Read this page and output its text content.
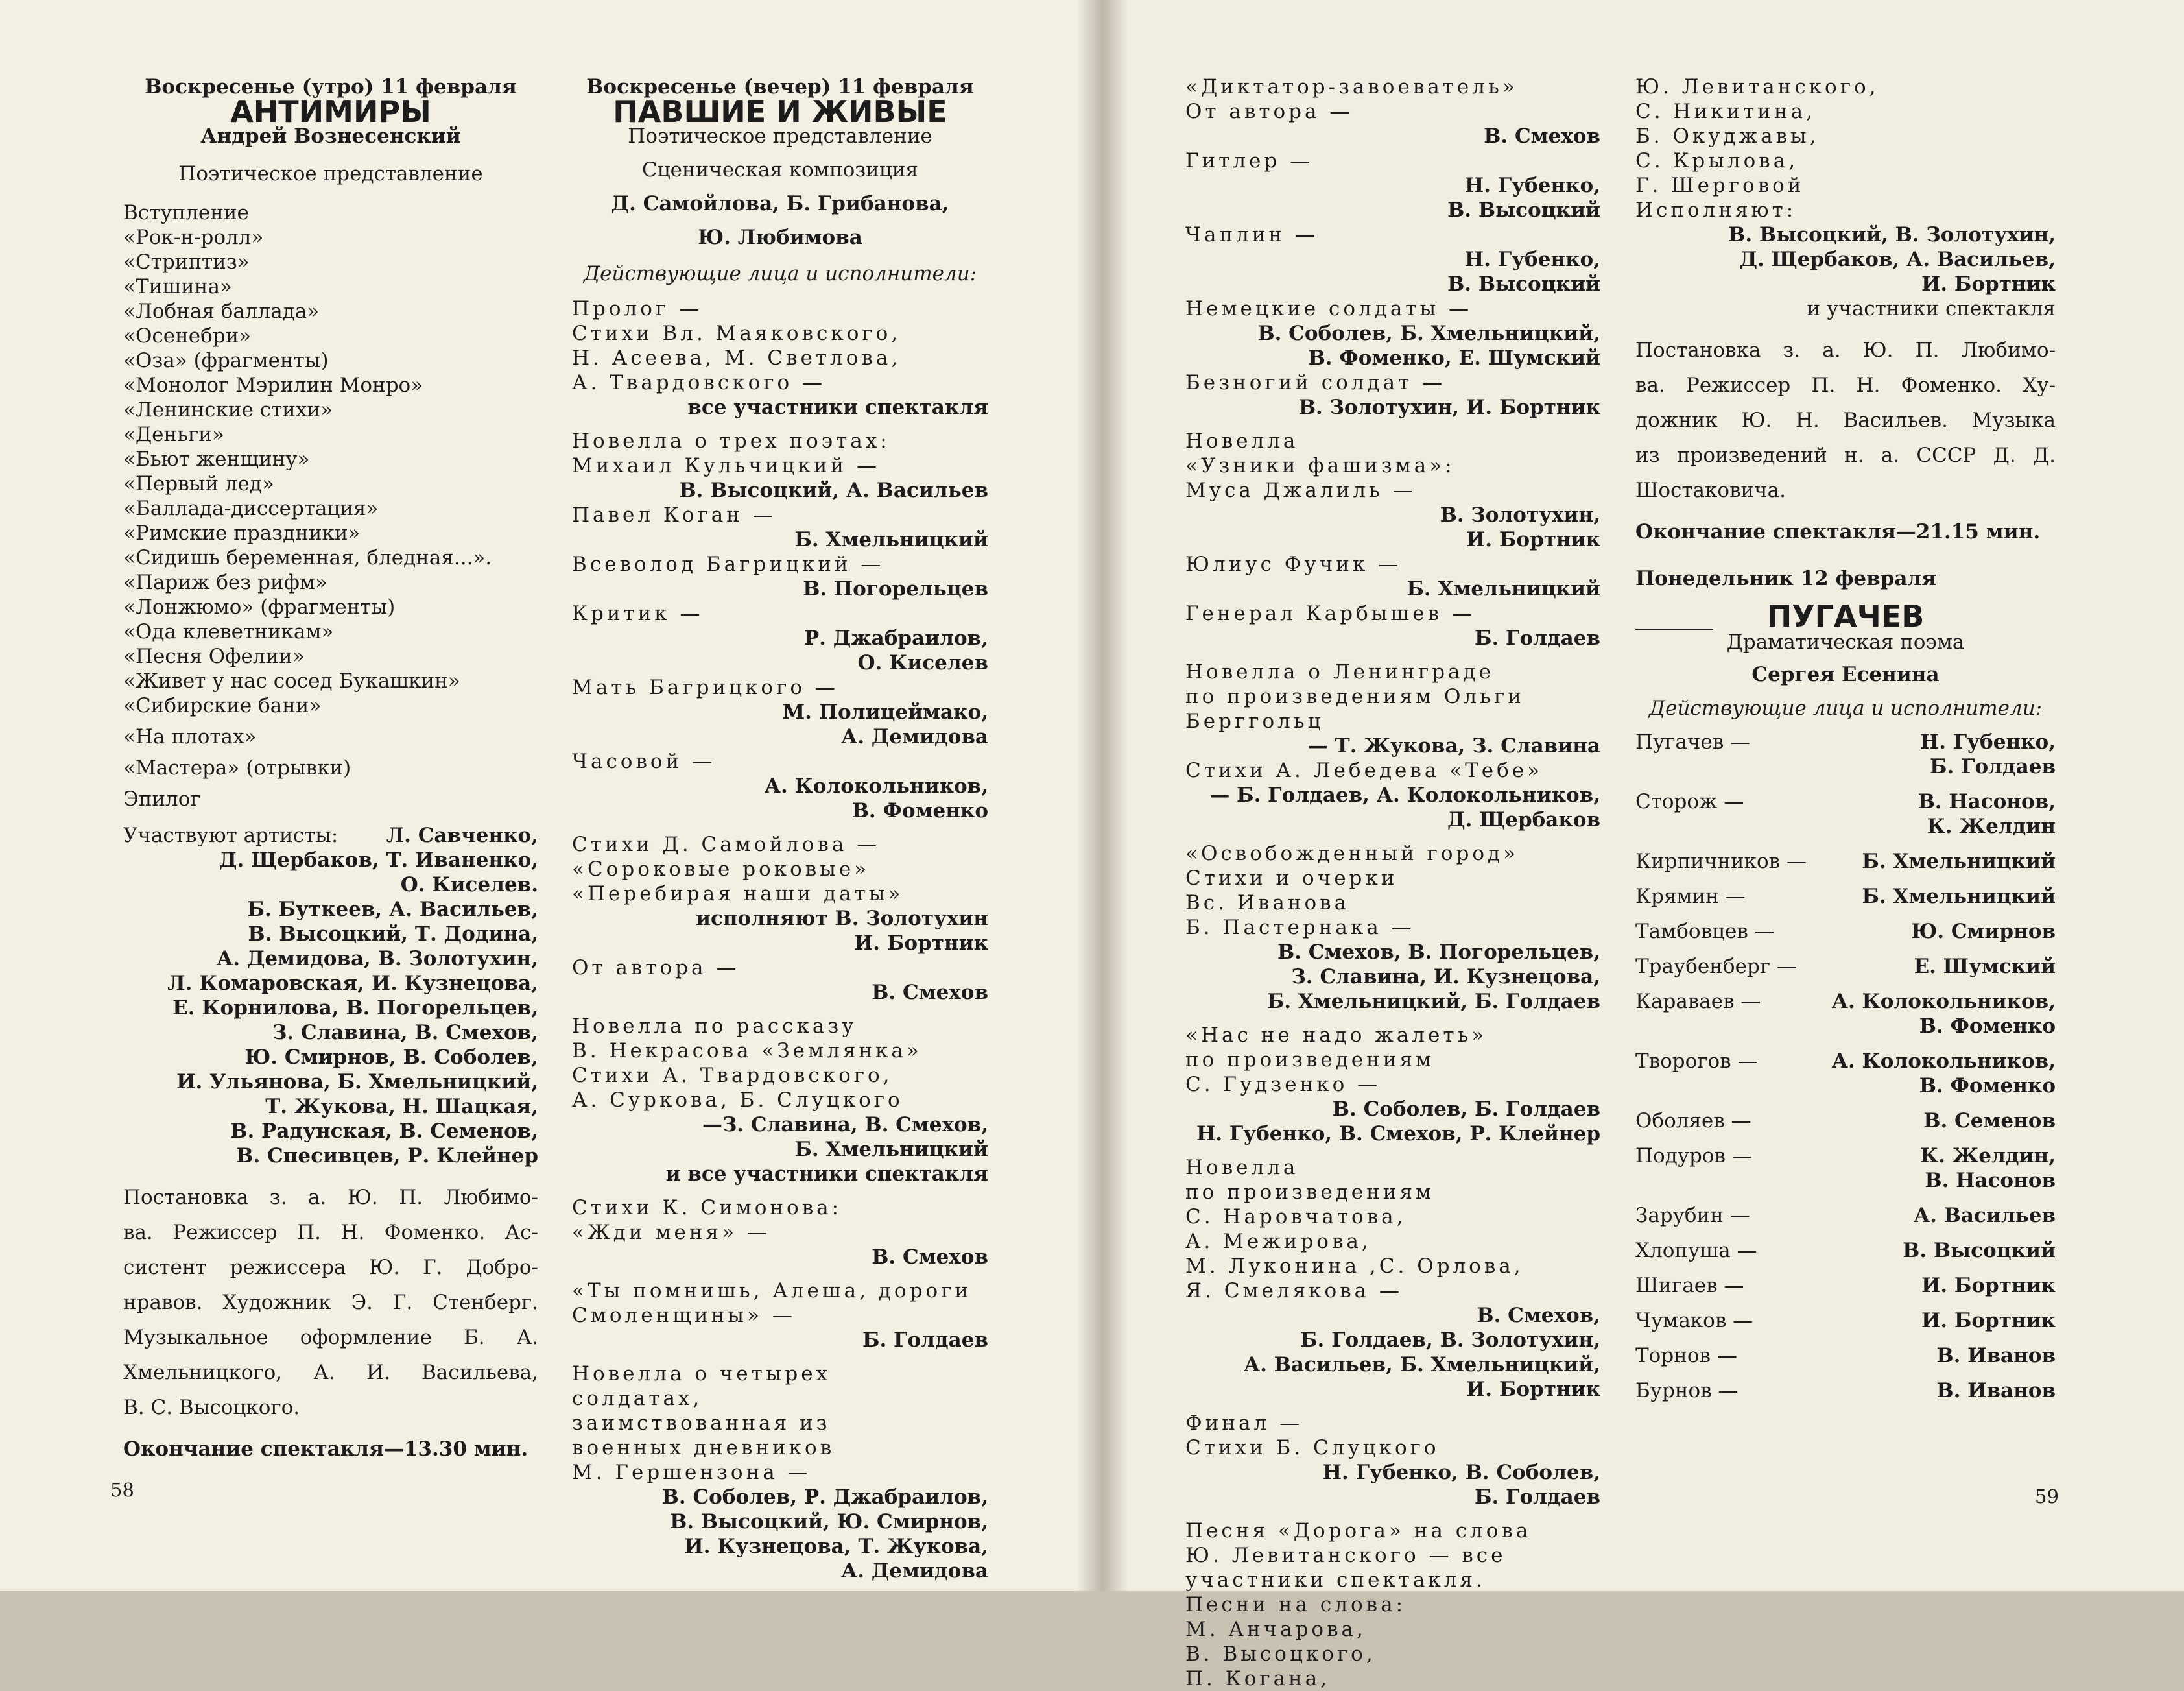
Воскресенье (утро) 11 февраля
АНТИМИРЫ
Андрей Вознесенский
Поэтическое представление
Вступление
«Рок-н-ролл»
«Стриптиз»
«Тишина»
«Лобная баллада»
«Осенебри»
«Оза» (фрагменты)
«Монолог Мэрилин Монро»
«Ленинские стихи»
«Деньги»
«Бьют женщину»
«Первый лед»
«Баллада-диссертация»
«Римские праздники»
«Сидишь беременная, бледная...».
«Париж без рифм»
«Лонжюмо» (фрагменты)
«Ода клеветникам»
«Песня Офелии»
«Живет у нас сосед Букашкин»
«Сибирские бани»
«На плотах»
«Мастера» (отрывки)
Эпилог
Участвуют артисты: Л. Савченко,
Д. Щербаков, Т. Иваненко,
О. Киселев.
Б. Буткеев, А. Васильев,
В. Высоцкий, Т. Додина,
А. Демидова, В. Золотухин,
Л. Комаровская, И. Кузнецова,
Е. Корнилова, В. Погорельцев,
З. Славина, В. Смехов,
Ю. Смирнов, В. Соболев,
И. Ульянова, Б. Хмельницкий,
Т. Жукова, Н. Шацкая,
В. Радунская, В. Семенов,
В. Спесивцев, Р. Клейнер
Постановка з. а. Ю. П. Любимо-
ва. Режиссер П. Н. Фоменко. Ас-
систент режиссера Ю. Г. Добро-
нравов. Художник Э. Г. Стенберг.
Музыкальное оформление Б. А.
Хмельницкого, А. И. Васильева,
В. С. Высоцкого.
Окончание спектакля—13.30 мин.
Воскресенье (вечер) 11 февраля
ПАВШИЕ И ЖИВЫЕ
Поэтическое представление
Сценическая композиция
Д. Самойлова, Б. Грибанова,
Ю. Любимова
Действующие лица и исполнители:
Пролог —
Стихи Вл. Маяковского,
Н. Асеева, М. Светлова,
А. Твардовского —
все участники спектакля
Новелла о трех поэтах:
Михаил Кульчицкий —
В. Высоцкий, А. Васильев
Павел Коган —
Б. Хмельницкий
Всеволод Багрицкий —
В. Погорельцев
Критик —
Р. Джабраилов,
О. Киселев
Мать Багрицкого —
М. Полицеймако,
А. Демидова
Часовой —
А. Колокольников,
В. Фоменко
Стихи Д. Самойлова —
«Сороковые роковые»
«Перебирая наши даты»
исполняют В. Золотухин
И. Бортник
От автора —
В. Смехов
Новелла по рассказу
В. Некрасова «Землянка»
Стихи А. Твардовского,
А. Суркова, Б. Слуцкого
—З. Славина, В. Смехов,
Б. Хмельницкий
и все участники спектакля
Стихи К. Симонова:
«Жди меня» —
В. Смехов
«Ты помнишь, Алеша, дороги
Смоленщины» —
Б. Голдаев
Новелла о четырех
солдатах,
заимствованная из
военных дневников
М. Гершензона —
В. Соболев, Р. Джабраилов,
В. Высоцкий, Ю. Смирнов,
И. Кузнецова, Т. Жукова,
А. Демидова
58
«Диктатор-завоеватель»
От автора —
В. Смехов
Гитлер —
Н. Губенко,
В. Высоцкий
Чаплин —
Н. Губенко,
В. Высоцкий
Немецкие солдаты —
В. Соболев, Б. Хмельницкий,
В. Фоменко, Е. Шумский
Безногий солдат —
В. Золотухин, И. Бортник
Новелла
«Узники фашизма»:
Муса Джалиль —
В. Золотухин,
И. Бортник
Юлиус Фучик —
Б. Хмельницкий
Генерал Карбышев —
Б. Голдаев
Новелла о Ленинграде
по произведениям Ольги
Берггольц
— Т. Жукова, З. Славина
Стихи А. Лебедева «Тебе»
— Б. Голдаев, А. Колокольников,
Д. Щербаков
«Освобожденный город»
Стихи и очерки
Вс. Иванова
Б. Пастернака —
В. Смехов, В. Погорельцев,
З. Славина, И. Кузнецова,
Б. Хмельницкий, Б. Голдаев
«Нас не надо жалеть»
по произведениям
С. Гудзенко —
В. Соболев, Б. Голдаев
Н. Губенко, В. Смехов, Р. Клейнер
Новелла
по произведениям
С. Наровчатова,
А. Межирова,
М. Луконина ,С. Орлова,
Я. Смелякова —
В. Смехов,
Б. Голдаев, В. Золотухин,
А. Васильев, Б. Хмельницкий,
И. Бортник
Финал —
Стихи Б. Слуцкого
Н. Губенко, В. Соболев,
Б. Голдаев
Песня «Дорога» на слова
Ю. Левитанского — все
участники спектакля.
Песни на слова:
М. Анчарова,
В. Высоцкого,
П. Когана,
Ю. Левитанского,
С. Никитина,
Б. Окуджавы,
С. Крылова,
Г. Шерговой
Исполняют:
В. Высоцкий, В. Золотухин,
Д. Щербаков, А. Васильев,
И. Бортник
и участники спектакля
Постановка з. а. Ю. П. Любимо-
ва. Режиссер П. Н. Фоменко. Ху-
дожник Ю. Н. Васильев. Музыка
из произведений н. а. СССР Д. Д.
Шостаковича.
Окончание спектакля—21.15 мин.
Понедельник 12 февраля
ПУГАЧЕВ
Драматическая поэма
Сергея Есенина
Действующие лица и исполнители:
Пугачев —	Н. Губенко,
Б. Голдаев
Сторож —	В. Насонов,
К. Желдин
Кирпичников —	Б. Хмельницкий
Крямин —	Б. Хмельницкий
Тамбовцев —	Ю. Смирнов
Траубенберг —	Е. Шумский
Караваев —	А. Колокольников,
В. Фоменко
Творогов —	А. Колокольников,
В. Фоменко
Оболяев —	В. Семенов
Подуров —	К. Желдин,
В. Насонов
Зарубин —	А. Васильев
Хлопуша —	В. Высоцкий
Шигаев —	И. Бортник
Чумаков —	И. Бортник
Торнов —	В. Иванов
Бурнов —	В. Иванов
59
